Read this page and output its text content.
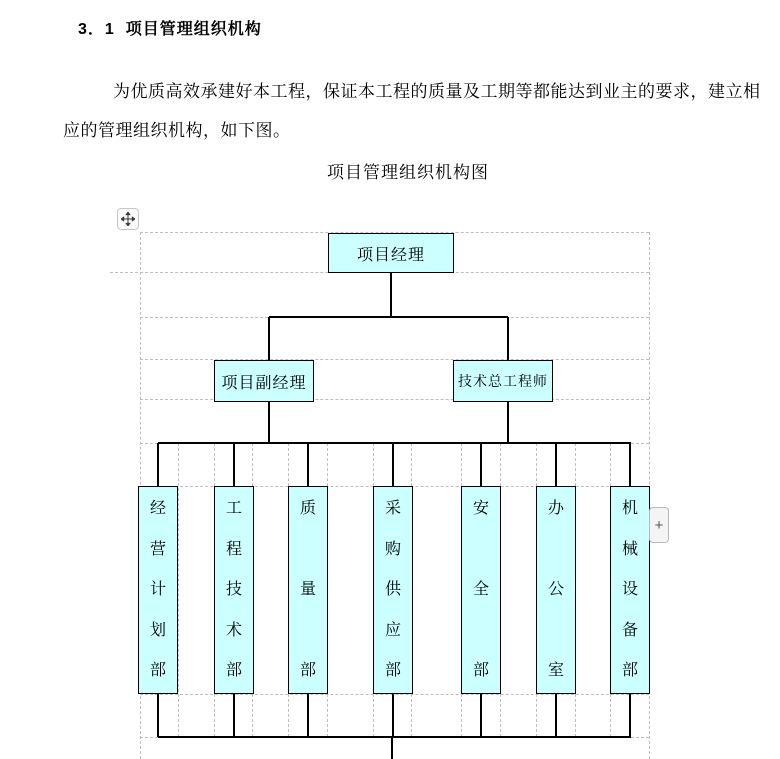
3．1  项目管理组织机构
为优质高效承建好本工程，保证本工程的质量及工期等都能达到业主的要求，建立相
应的管理组织机构，如下图。
项目管理组织机构图
项目经理
项目副经理	技术总工程师
经
营
计
划
部
工
程
技
术
部
质
量
部
采
购
供
应
部
安
全
部
办
公
室
机
械
设
备
部
+
